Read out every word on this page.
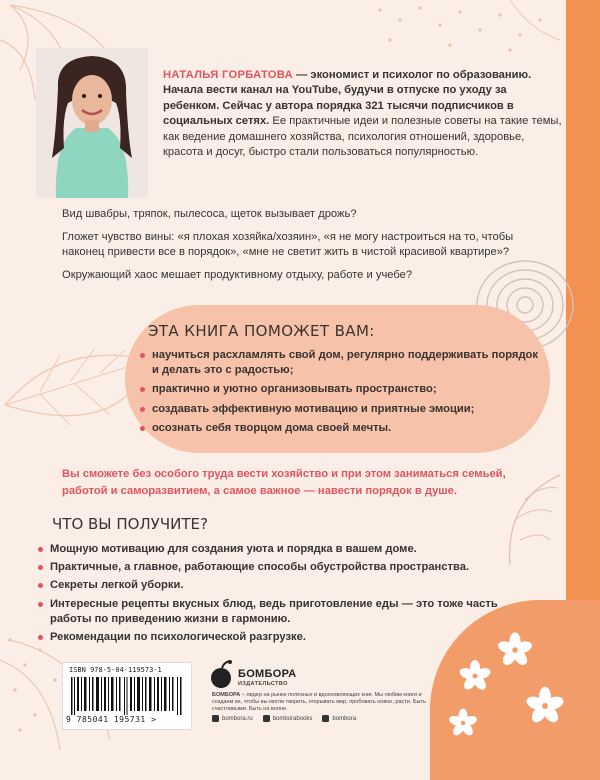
НАТАЛЬЯ ГОРБАТОВА — экономист и психолог по образованию. Начала вести канал на YouTube, будучи в отпуске по уходу за ребенком. Сейчас у автора порядка 321 тысячи подписчиков в социальных сетях. Ее практичные идеи и полезные советы на такие темы, как ведение домашнего хозяйства, психология отношений, здоровье, красота и досуг, быстро стали пользоваться популярностью.
Вид швабры, тряпок, пылесоса, щеток вызывает дрожь?
Гложет чувство вины: «я плохая хозяйка/хозяин», «я не могу настроиться на то, чтобы наконец привести все в порядок», «мне не светит жить в чистой красивой квартире»?
Окружающий хаос мешает продуктивному отдыху, работе и учебе?
ЭТА КНИГА ПОМОЖЕТ ВАМ:
научиться расхламлять свой дом, регулярно поддерживать порядок и делать это с радостью;
практично и уютно организовывать пространство;
создавать эффективную мотивацию и приятные эмоции;
осознать себя творцом дома своей мечты.
Вы сможете без особого труда вести хозяйство и при этом заниматься семьей, работой и саморазвитием, а самое важное — навести порядок в душе.
ЧТО ВЫ ПОЛУЧИТЕ?
Мощную мотивацию для создания уюта и порядка в вашем доме.
Практичные, а главное, работающие способы обустройства пространства.
Секреты легкой уборки.
Интересные рецепты вкусных блюд, ведь приготовление еды — это тоже часть работы по приведению жизни в гармонию.
Рекомендации по психологической разгрузке.
ISBN 978-5-04-119573-1
9 785041 195731 >
БОМБОРА
ИЗДАТЕЛЬСТВО
БОМБОРА – лидер на рынке полезных и вдохновляющих книг. Мы любим книги и создаем их, чтобы вы могли творить, открывать мир, пробовать новое, расти. Быть счастливыми. Быть на волне.
bombora.ru	bomborabooks	bombora
